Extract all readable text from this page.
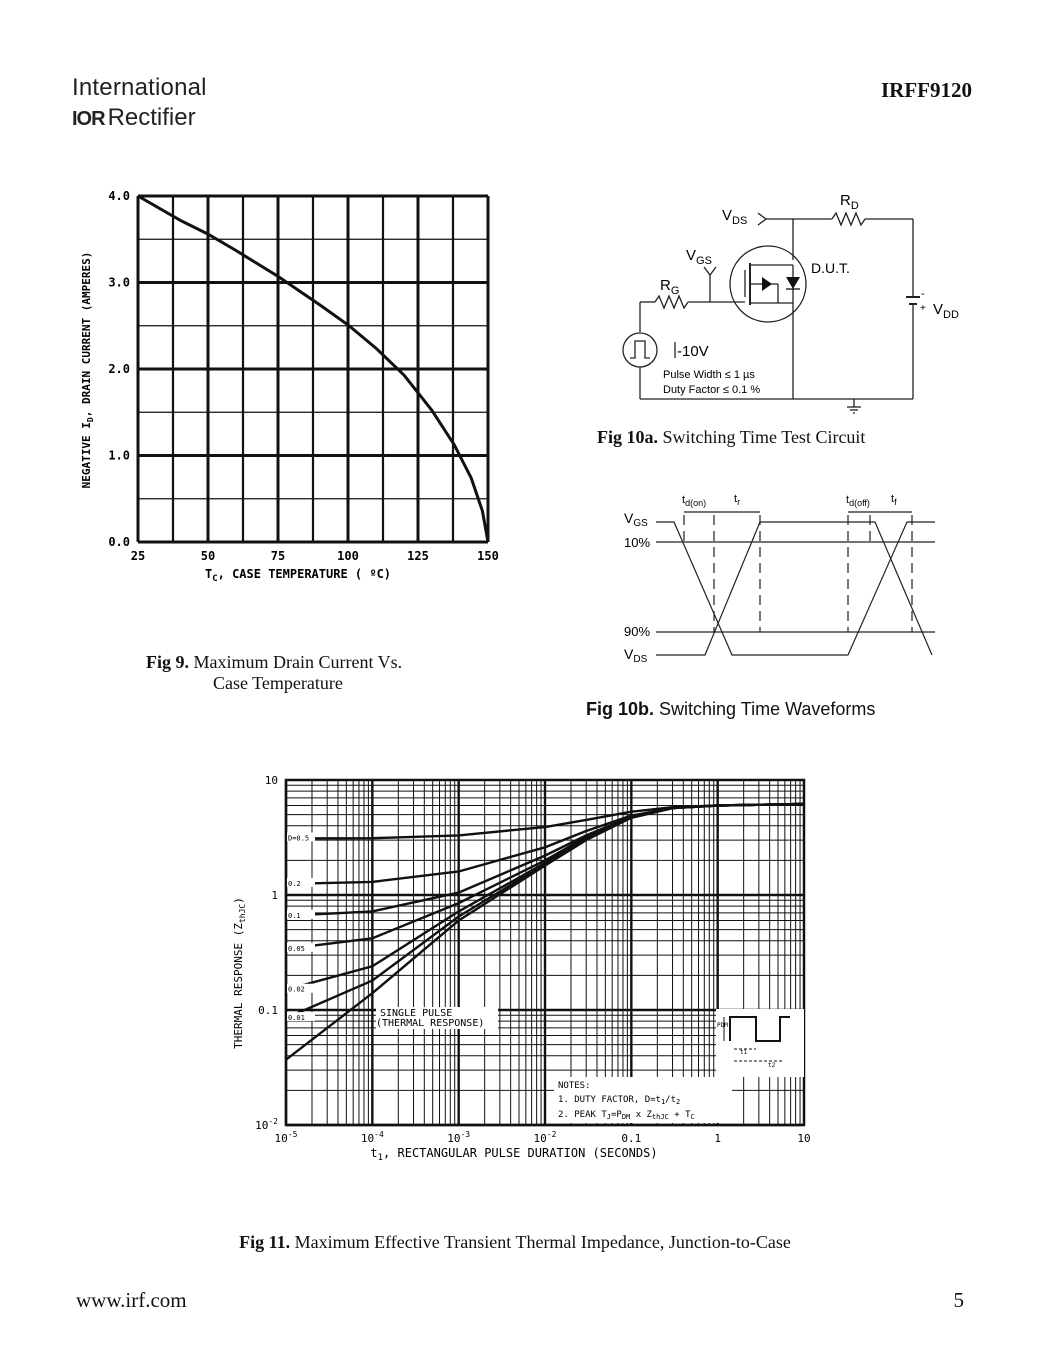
International
IOR Rectifier
IRFF9120
0.0
1.0
2.0
3.0
4.0
25	50	75	100	125	150
$T_C$, CASE TEMPERATURE ( ºC)
NEGATIVE $I_D$, DRAIN CURRENT (AMPERES)
Fig 9. Maximum Drain Current Vs.
Case Temperature
$R_D$
$V_{DS}$
$V_{GS}$	D.U.T.
$R_G$	-
+ $V_{DD}$
-10V
Pulse Width ≤ 1 µs
Duty Factor ≤ 0.1 %
Fig 10a. Switching Time Test Circuit
$t_{d(on)}$	$t_r$	$t_{d(off)}$ $t_f$
$V_{GS}$
10%
90%
$V_{DS}$
Fig 10b. Switching Time Waveforms
D=0.5
0.2
0.1
0.05
0.02
0.01
$10^{-2}$
0.1
1
10
$10^{-5}$	$10^{-4}$	$10^{-3}$	$10^{-2}$	0.1	1	10
SINGLE PULSE
(THERMAL RESPONSE)
NOTES:
1. DUTY FACTOR, $D=t_1/t_2$
2. PEAK $T_J=P_{DM}$ x $Z_{thJC} + T_C$
PDM
t1
t2
$t_1$, RECTANGULAR PULSE DURATION (SECONDS)
THERMAL RESPONSE $(Z_{thJC})$
Fig 11. Maximum Effective Transient Thermal Impedance, Junction-to-Case
www.irf.com	5
